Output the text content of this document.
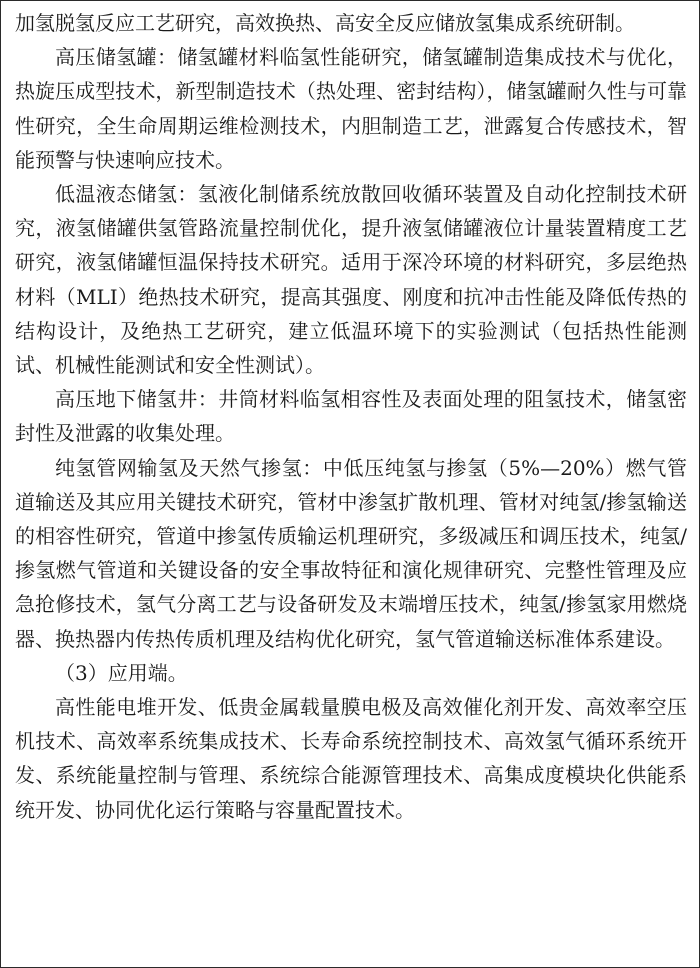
加氢脱氢反应工艺研究，高效换热、高安全反应储放氢集成系统研制。

高压储氢罐：储氢罐材料临氢性能研究，储氢罐制造集成技术与优化，热旋压成型技术，新型制造技术（热处理、密封结构），储氢罐耐久性与可靠性研究，全生命周期运维检测技术，内胆制造工艺，泄露复合传感技术，智能预警与快速响应技术。

低温液态储氢：氢液化制储系统放散回收循环装置及自动化控制技术研究，液氢储罐供氢管路流量控制优化，提升液氢储罐液位计量装置精度工艺研究，液氢储罐恒温保持技术研究。适用于深冷环境的材料研究，多层绝热材料（MLI）绝热技术研究，提高其强度、刚度和抗冲击性能及降低传热的结构设计，及绝热工艺研究，建立低温环境下的实验测试（包括热性能测试、机械性能测试和安全性测试）。

高压地下储氢井：井筒材料临氢相容性及表面处理的阻氢技术，储氢密封性及泄露的收集处理。

纯氢管网输氢及天然气掺氢：中低压纯氢与掺氢（5%—20%）燃气管道输送及其应用关键技术研究，管材中渗氢扩散机理、管材对纯氢/掺氢输送的相容性研究，管道中掺氢传质输运机理研究，多级减压和调压技术，纯氢/掺氢燃气管道和关键设备的安全事故特征和演化规律研究、完整性管理及应急抢修技术，氢气分离工艺与设备研发及末端增压技术，纯氢/掺氢家用燃烧器、换热器内传热传质机理及结构优化研究，氢气管道输送标准体系建设。

（3）应用端。

高性能电堆开发、低贵金属载量膜电极及高效催化剂开发、高效率空压机技术、高效率系统集成技术、长寿命系统控制技术、高效氢气循环系统开发、系统能量控制与管理、系统综合能源管理技术、高集成度模块化供能系统开发、协同优化运行策略与容量配置技术。
